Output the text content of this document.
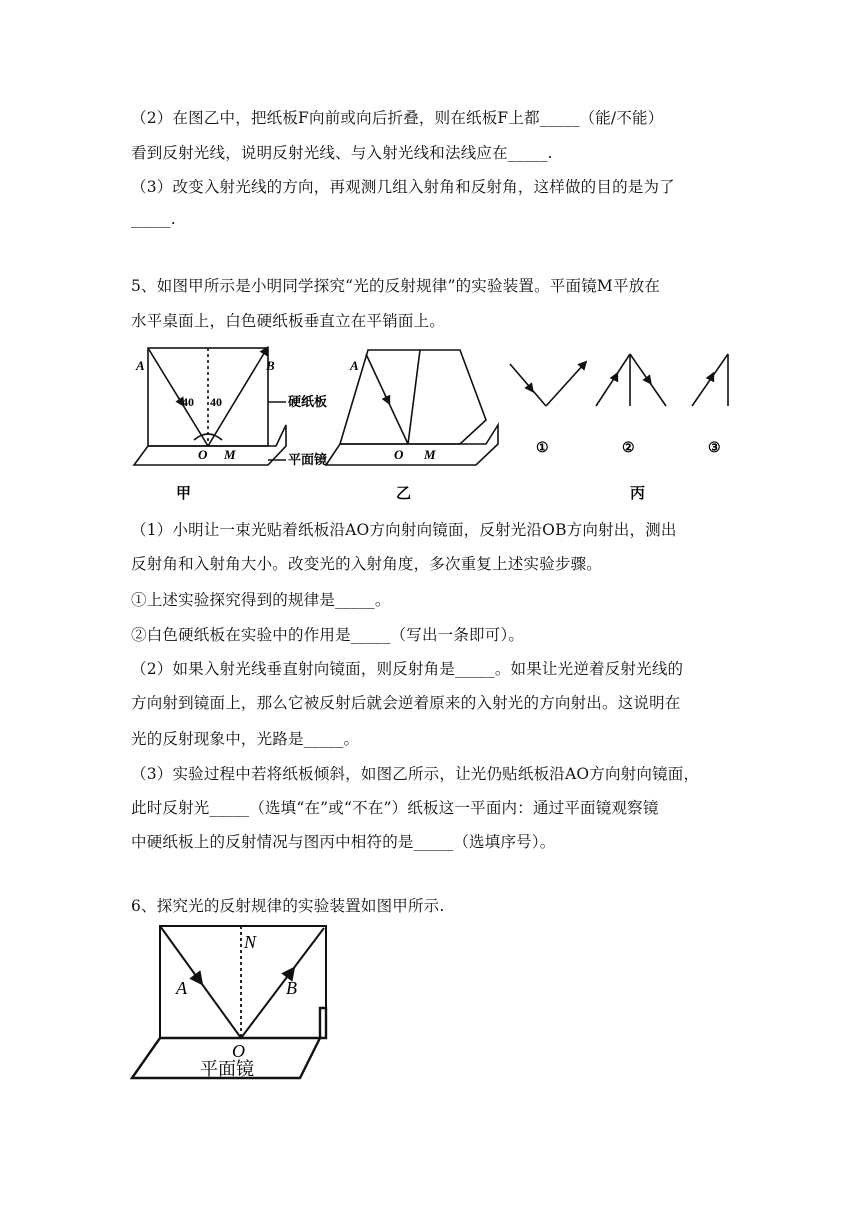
（2）在图乙中，把纸板F向前或向后折叠，则在纸板F上都_____（能/不能）
看到反射光线，说明反射光线、与入射光线和法线应在_____.
（3）改变入射光线的方向，再观测几组入射角和反射角，这样做的目的是为了
_____.
5、如图甲所示是小明同学探究“光的反射规律”的实验装置。平面镜M平放在
水平桌面上，白色硬纸板垂直立在平销面上。
A	B
40 40
O M
硬纸板
平面镜
甲
A
O M
乙
①	②	③
丙
（1）小明让一束光贴着纸板沿AO方向射向镜面，反射光沿OB方向射出，测出
反射角和入射角大小。改变光的入射角度，多次重复上述实验步骤。
①上述实验探究得到的规律是_____。
②白色硬纸板在实验中的作用是_____（写出一条即可）。
（2）如果入射光线垂直射向镜面，则反射角是_____。如果让光逆着反射光线的
方向射到镜面上，那么它被反射后就会逆着原来的入射光的方向射出。这说明在
光的反射现象中，光路是_____。
（3）实验过程中若将纸板倾斜，如图乙所示，让光仍贴纸板沿AO方向射向镜面，
此时反射光_____（选填“在”或“不在”）纸板这一平面内：通过平面镜观察镜
中硬纸板上的反射情况与图丙中相符的是_____（选填序号）。
6、探究光的反射规律的实验装置如图甲所示.
N
A	B
O
平面镜
